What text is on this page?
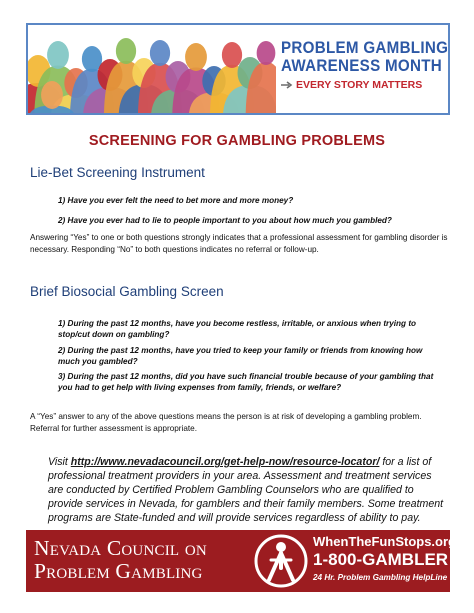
PROBLEM GAMBLING
AWARENESS MONTH
EVERY STORY MATTERS
SCREENING FOR GAMBLING PROBLEMS
Lie-Bet Screening Instrument
1) Have you ever felt the need to bet more and more money?
2) Have you ever had to lie to people important to you about how much you gambled?
Answering “Yes” to one or both questions strongly indicates that a professional assessment for gambling disorder is necessary. Responding “No” to both questions indicates no referral or follow-up.
Brief Biosocial Gambling Screen
1) During the past 12 months, have you become restless, irritable, or anxious when trying to stop/cut down on gambling?
2) During the past 12 months, have you tried to keep your family or friends from knowing how much you gambled?
3) During the past 12 months, did you have such financial trouble because of your gambling that you had to get help with living expenses from family, friends, or welfare?
A “Yes” answer to any of the above questions means the person is at risk of developing a gambling problem. Referral for further assessment is appropriate.
Visit http://www.nevadacouncil.org/get-help-now/resource-locator/ for a list of professional treatment providers in your area. Assessment and treatment services are conducted by Certified Problem Gambling Counselors who are qualified to provide services in Nevada, for gamblers and their family members. Some treatment programs are State-funded and will provide services regardless of ability to pay.
Nevada Council on
Problem Gambling
WhenTheFunStops.org
1-800-GAMBLER
24 Hr. Problem Gambling HelpLine
